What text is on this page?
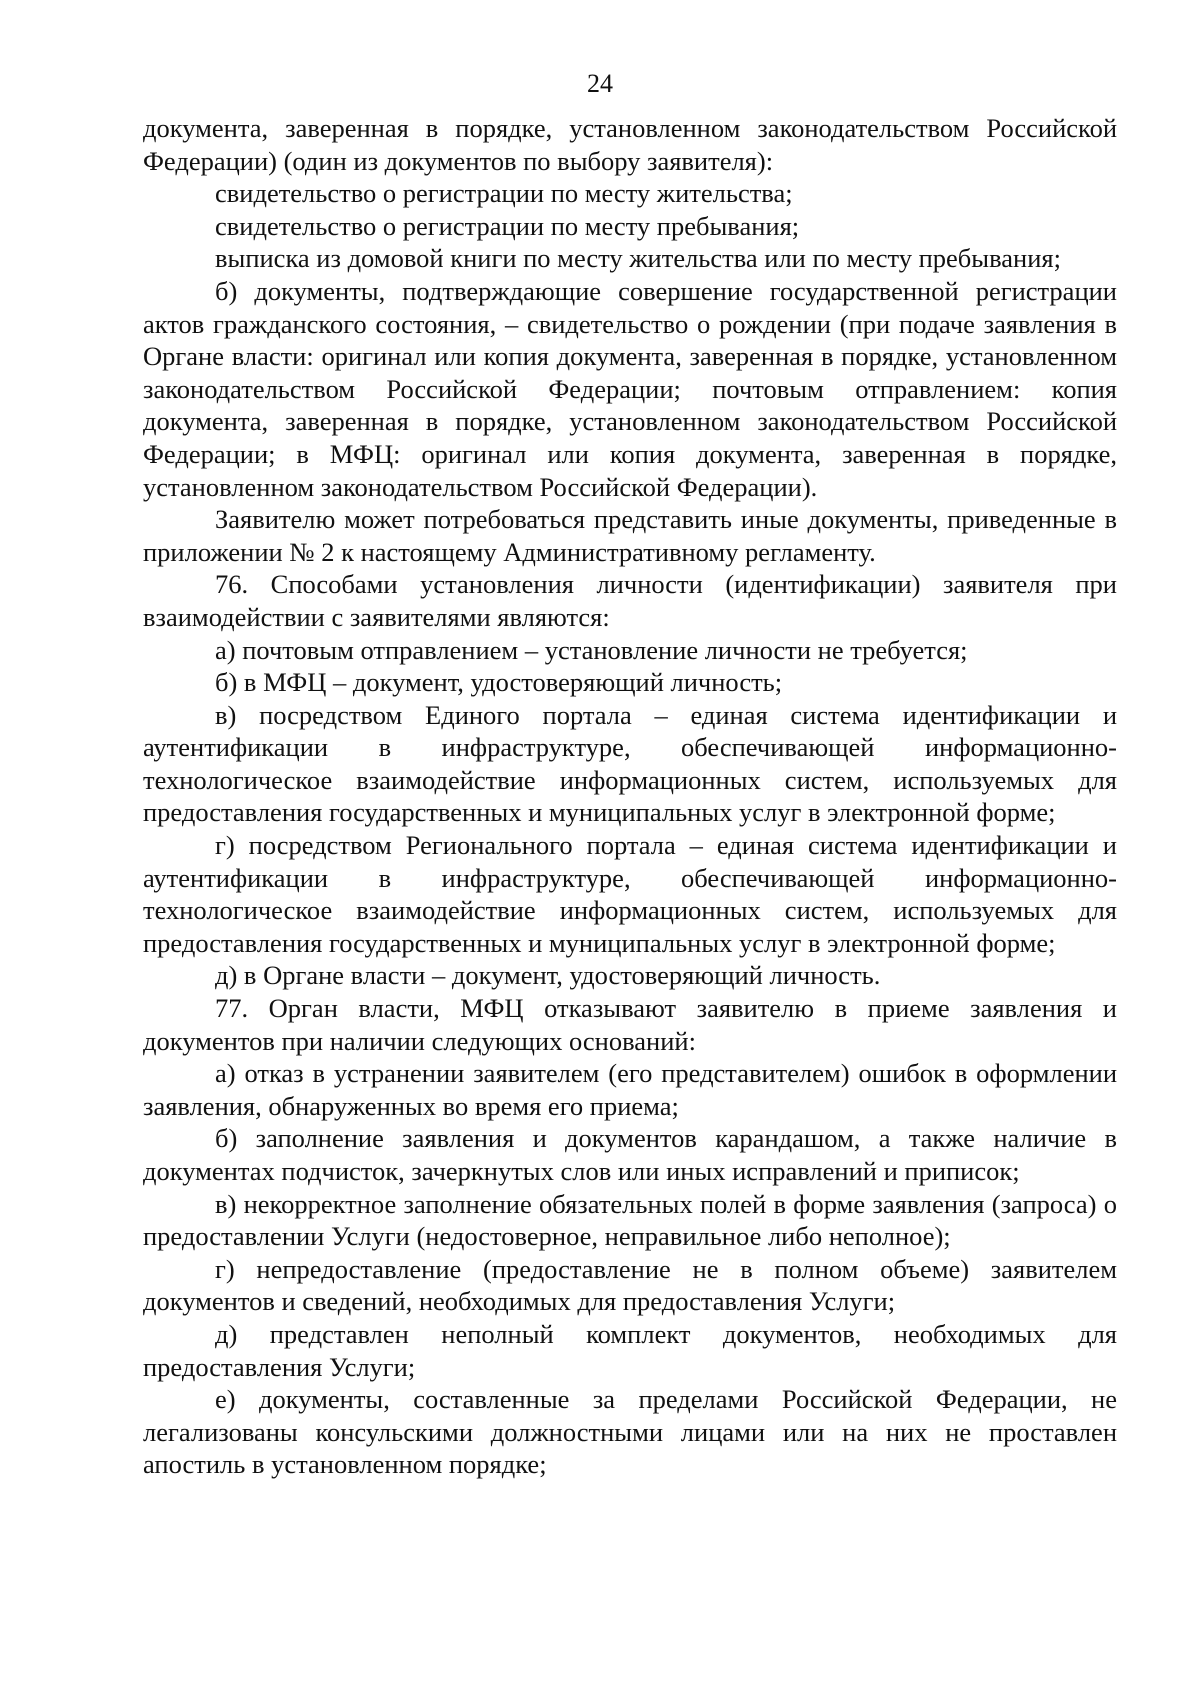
24

документа, заверенная в порядке, установленном законодательством Российской Федерации) (один из документов по выбору заявителя):

свидетельство о регистрации по месту жительства;

свидетельство о регистрации по месту пребывания;

выписка из домовой книги по месту жительства или по месту пребывания;

б) документы, подтверждающие совершение государственной регистрации актов гражданского состояния, – свидетельство о рождении (при подаче заявления в Органе власти: оригинал или копия документа, заверенная в порядке, установленном законодательством Российской Федерации; почтовым отправлением: копия документа, заверенная в порядке, установленном законодательством Российской Федерации; в МФЦ: оригинал или копия документа, заверенная в порядке, установленном законодательством Российской Федерации).

Заявителю может потребоваться представить иные документы, приведенные в приложении № 2 к настоящему Административному регламенту.

76. Способами установления личности (идентификации) заявителя при взаимодействии с заявителями являются:

а) почтовым отправлением – установление личности не требуется;

б) в МФЦ – документ, удостоверяющий личность;

в) посредством Единого портала – единая система идентификации и аутентификации в инфраструктуре, обеспечивающей информационно-технологическое взаимодействие информационных систем, используемых для предоставления государственных и муниципальных услуг в электронной форме;

г) посредством Регионального портала – единая система идентификации и аутентификации в инфраструктуре, обеспечивающей информационно-технологическое взаимодействие информационных систем, используемых для предоставления государственных и муниципальных услуг в электронной форме;

д) в Органе власти – документ, удостоверяющий личность.

77. Орган власти, МФЦ отказывают заявителю в приеме заявления и документов при наличии следующих оснований:

а) отказ в устранении заявителем (его представителем) ошибок в оформлении заявления, обнаруженных во время его приема;

б) заполнение заявления и документов карандашом, а также наличие в документах подчисток, зачеркнутых слов или иных исправлений и приписок;

в) некорректное заполнение обязательных полей в форме заявления (запроса) о предоставлении Услуги (недостоверное, неправильное либо неполное);

г) непредоставление (предоставление не в полном объеме) заявителем документов и сведений, необходимых для предоставления Услуги;

д) представлен неполный комплект документов, необходимых для предоставления Услуги;

е) документы, составленные за пределами Российской Федерации, не легализованы консульскими должностными лицами или на них не проставлен апостиль в установленном порядке;
